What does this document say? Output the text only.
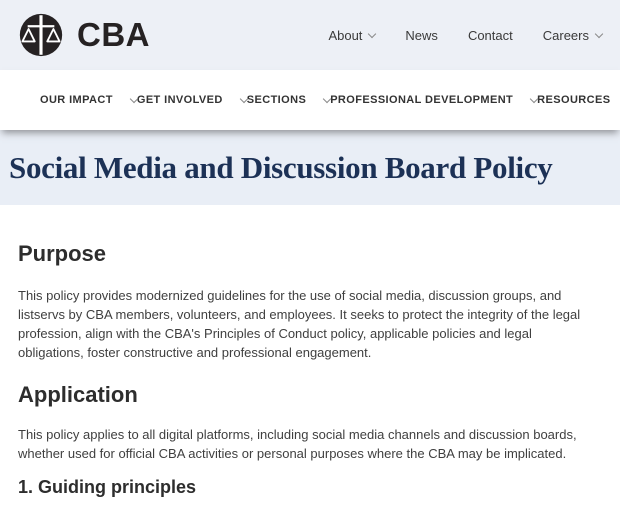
CBA	About	News Contact Careers
OUR IMPACT GET INVOLVED SECTIONS PROFESSIONAL DEVELOPMENT RESOURCES
Social Media and Discussion Board Policy
Purpose

This policy provides modernized guidelines for the use of social media, discussion groups, and listservs by CBA members, volunteers, and employees. It seeks to protect the integrity of the legal profession, align with the CBA's Principles of Conduct policy, applicable policies and legal obligations, foster constructive and professional engagement.

Application

This policy applies to all digital platforms, including social media channels and discussion boards, whether used for official CBA activities or personal purposes where the CBA may be implicated.

1. Guiding principles
